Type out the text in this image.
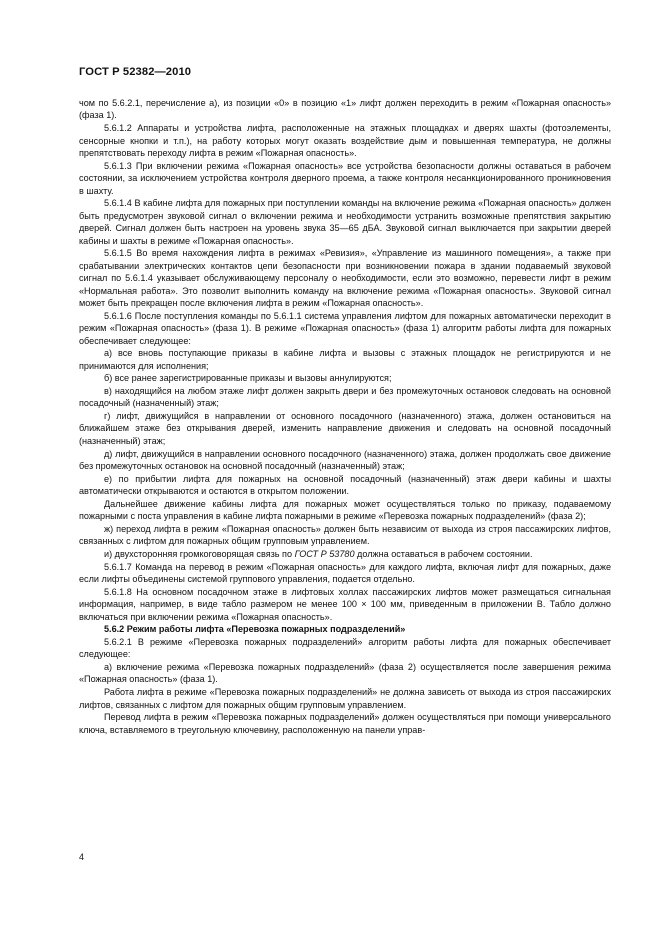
ГОСТ Р 52382—2010

чом по 5.6.2.1, перечисление а), из позиции «0» в позицию «1» лифт должен переходить в режим «Пожарная опасность» (фаза 1).

5.6.1.2 Аппараты и устройства лифта, расположенные на этажных площадках и дверях шахты (фотоэлементы, сенсорные кнопки и т.п.), на работу которых могут оказать воздействие дым и повышенная температура, не должны препятствовать переходу лифта в режим «Пожарная опасность».

5.6.1.3 При включении режима «Пожарная опасность» все устройства безопасности должны оставаться в рабочем состоянии, за исключением устройства контроля дверного проема, а также контроля несанкционированного проникновения в шахту.

5.6.1.4 В кабине лифта для пожарных при поступлении команды на включение режима «Пожарная опасность» должен быть предусмотрен звуковой сигнал о включении режима и необходимости устранить возможные препятствия закрытию дверей. Сигнал должен быть настроен на уровень звука 35—65 дБА. Звуковой сигнал выключается при закрытии дверей кабины и шахты в режиме «Пожарная опасность».

5.6.1.5 Во время нахождения лифта в режимах «Ревизия», «Управление из машинного помещения», а также при срабатывании электрических контактов цепи безопасности при возникновении пожара в здании подаваемый звуковой сигнал по 5.6.1.4 указывает обслуживающему персоналу о необходимости, если это возможно, перевести лифт в режим «Нормальная работа». Это позволит выполнить команду на включение режима «Пожарная опасность». Звуковой сигнал может быть прекращен после включения лифта в режим «Пожарная опасность».

5.6.1.6 После поступления команды по 5.6.1.1 система управления лифтом для пожарных автоматически переходит в режим «Пожарная опасность» (фаза 1). В режиме «Пожарная опасность» (фаза 1) алгоритм работы лифта для пожарных обеспечивает следующее:

а) все вновь поступающие приказы в кабине лифта и вызовы с этажных площадок не регистрируются и не принимаются для исполнения;

б) все ранее зарегистрированные приказы и вызовы аннулируются;

в) находящийся на любом этаже лифт должен закрыть двери и без промежуточных остановок следовать на основной посадочный (назначенный) этаж;

г) лифт, движущийся в направлении от основного посадочного (назначенного) этажа, должен остановиться на ближайшем этаже без открывания дверей, изменить направление движения и следовать на основной посадочный (назначенный) этаж;

д) лифт, движущийся в направлении основного посадочного (назначенного) этажа, должен продолжать свое движение без промежуточных остановок на основной посадочный (назначенный) этаж;

е) по прибытии лифта для пожарных на основной посадочный (назначенный) этаж двери кабины и шахты автоматически открываются и остаются в открытом положении.

Дальнейшее движение кабины лифта для пожарных может осуществляться только по приказу, подаваемому пожарными с поста управления в кабине лифта пожарными в режиме «Перевозка пожарных подразделений» (фаза 2);

ж) переход лифта в режим «Пожарная опасность» должен быть независим от выхода из строя пассажирских лифтов, связанных с лифтом для пожарных общим групповым управлением.

и) двухсторонняя громкоговорящая связь по ГОСТ Р 53780 должна оставаться в рабочем состоянии.

5.6.1.7 Команда на перевод в режим «Пожарная опасность» для каждого лифта, включая лифт для пожарных, даже если лифты объединены системой группового управления, подается отдельно.

5.6.1.8 На основном посадочном этаже в лифтовых холлах пассажирских лифтов может размещаться сигнальная информация, например, в виде табло размером не менее 100 × 100 мм, приведенным в приложении В. Табло должно включаться при включении режима «Пожарная опасность».

5.6.2 Режим работы лифта «Перевозка пожарных подразделений»

5.6.2.1 В режиме «Перевозка пожарных подразделений» алгоритм работы лифта для пожарных обеспечивает следующее:

а) включение режима «Перевозка пожарных подразделений» (фаза 2) осуществляется после завершения режима «Пожарная опасность» (фаза 1).

Работа лифта в режиме «Перевозка пожарных подразделений» не должна зависеть от выхода из строя пассажирских лифтов, связанных с лифтом для пожарных общим групповым управлением.

Перевод лифта в режим «Перевозка пожарных подразделений» должен осуществляться при помощи универсального ключа, вставляемого в треугольную ключевину, расположенную на панели управ-

4
